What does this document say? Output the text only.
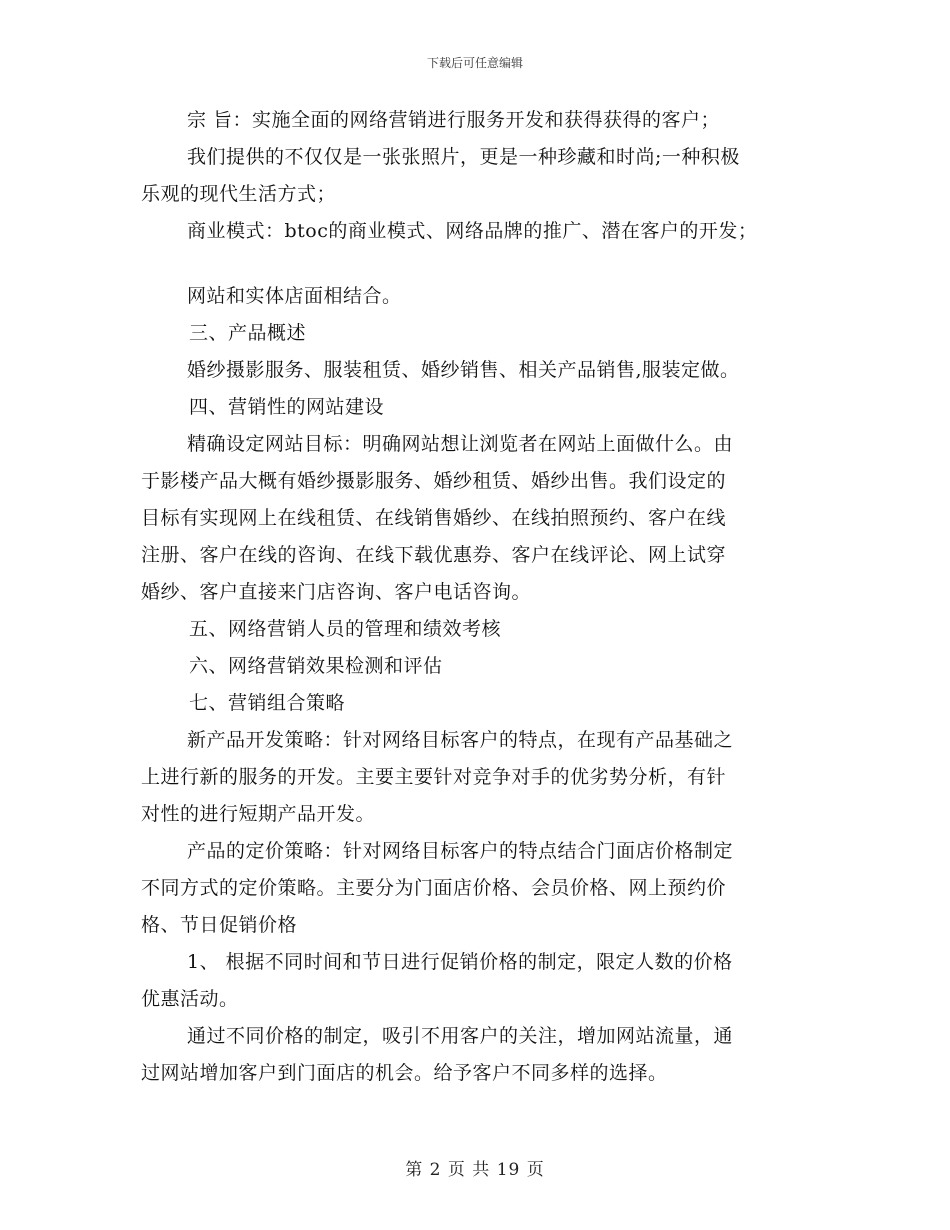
下载后可任意编辑
宗 旨：实施全面的网络营销进行服务开发和获得获得的客户；
我们提供的不仅仅是一张张照片，更是一种珍藏和时尚;一种积极
乐观的现代生活方式；
商业模式：btoc的商业模式、网络品牌的推广、潜在客户的开发；
网站和实体店面相结合。
三、产品概述
婚纱摄影服务、服装租赁、婚纱销售、相关产品销售,服装定做。
四、营销性的网站建设
精确设定网站目标：明确网站想让浏览者在网站上面做什么。由
于影楼产品大概有婚纱摄影服务、婚纱租赁、婚纱出售。我们设定的
目标有实现网上在线租赁、在线销售婚纱、在线拍照预约、客户在线
注册、客户在线的咨询、在线下载优惠券、客户在线评论、网上试穿
婚纱、客户直接来门店咨询、客户电话咨询。
五、网络营销人员的管理和绩效考核
六、网络营销效果检测和评估
七、营销组合策略
新产品开发策略：针对网络目标客户的特点，在现有产品基础之
上进行新的服务的开发。主要主要针对竞争对手的优劣势分析，有针
对性的进行短期产品开发。
产品的定价策略：针对网络目标客户的特点结合门面店价格制定
不同方式的定价策略。主要分为门面店价格、会员价格、网上预约价
格、节日促销价格
1、 根据不同时间和节日进行促销价格的制定，限定人数的价格
优惠活动。
通过不同价格的制定，吸引不用客户的关注，增加网站流量，通
过网站增加客户到门面店的机会。给予客户不同多样的选择。
第 2 页 共 19 页
